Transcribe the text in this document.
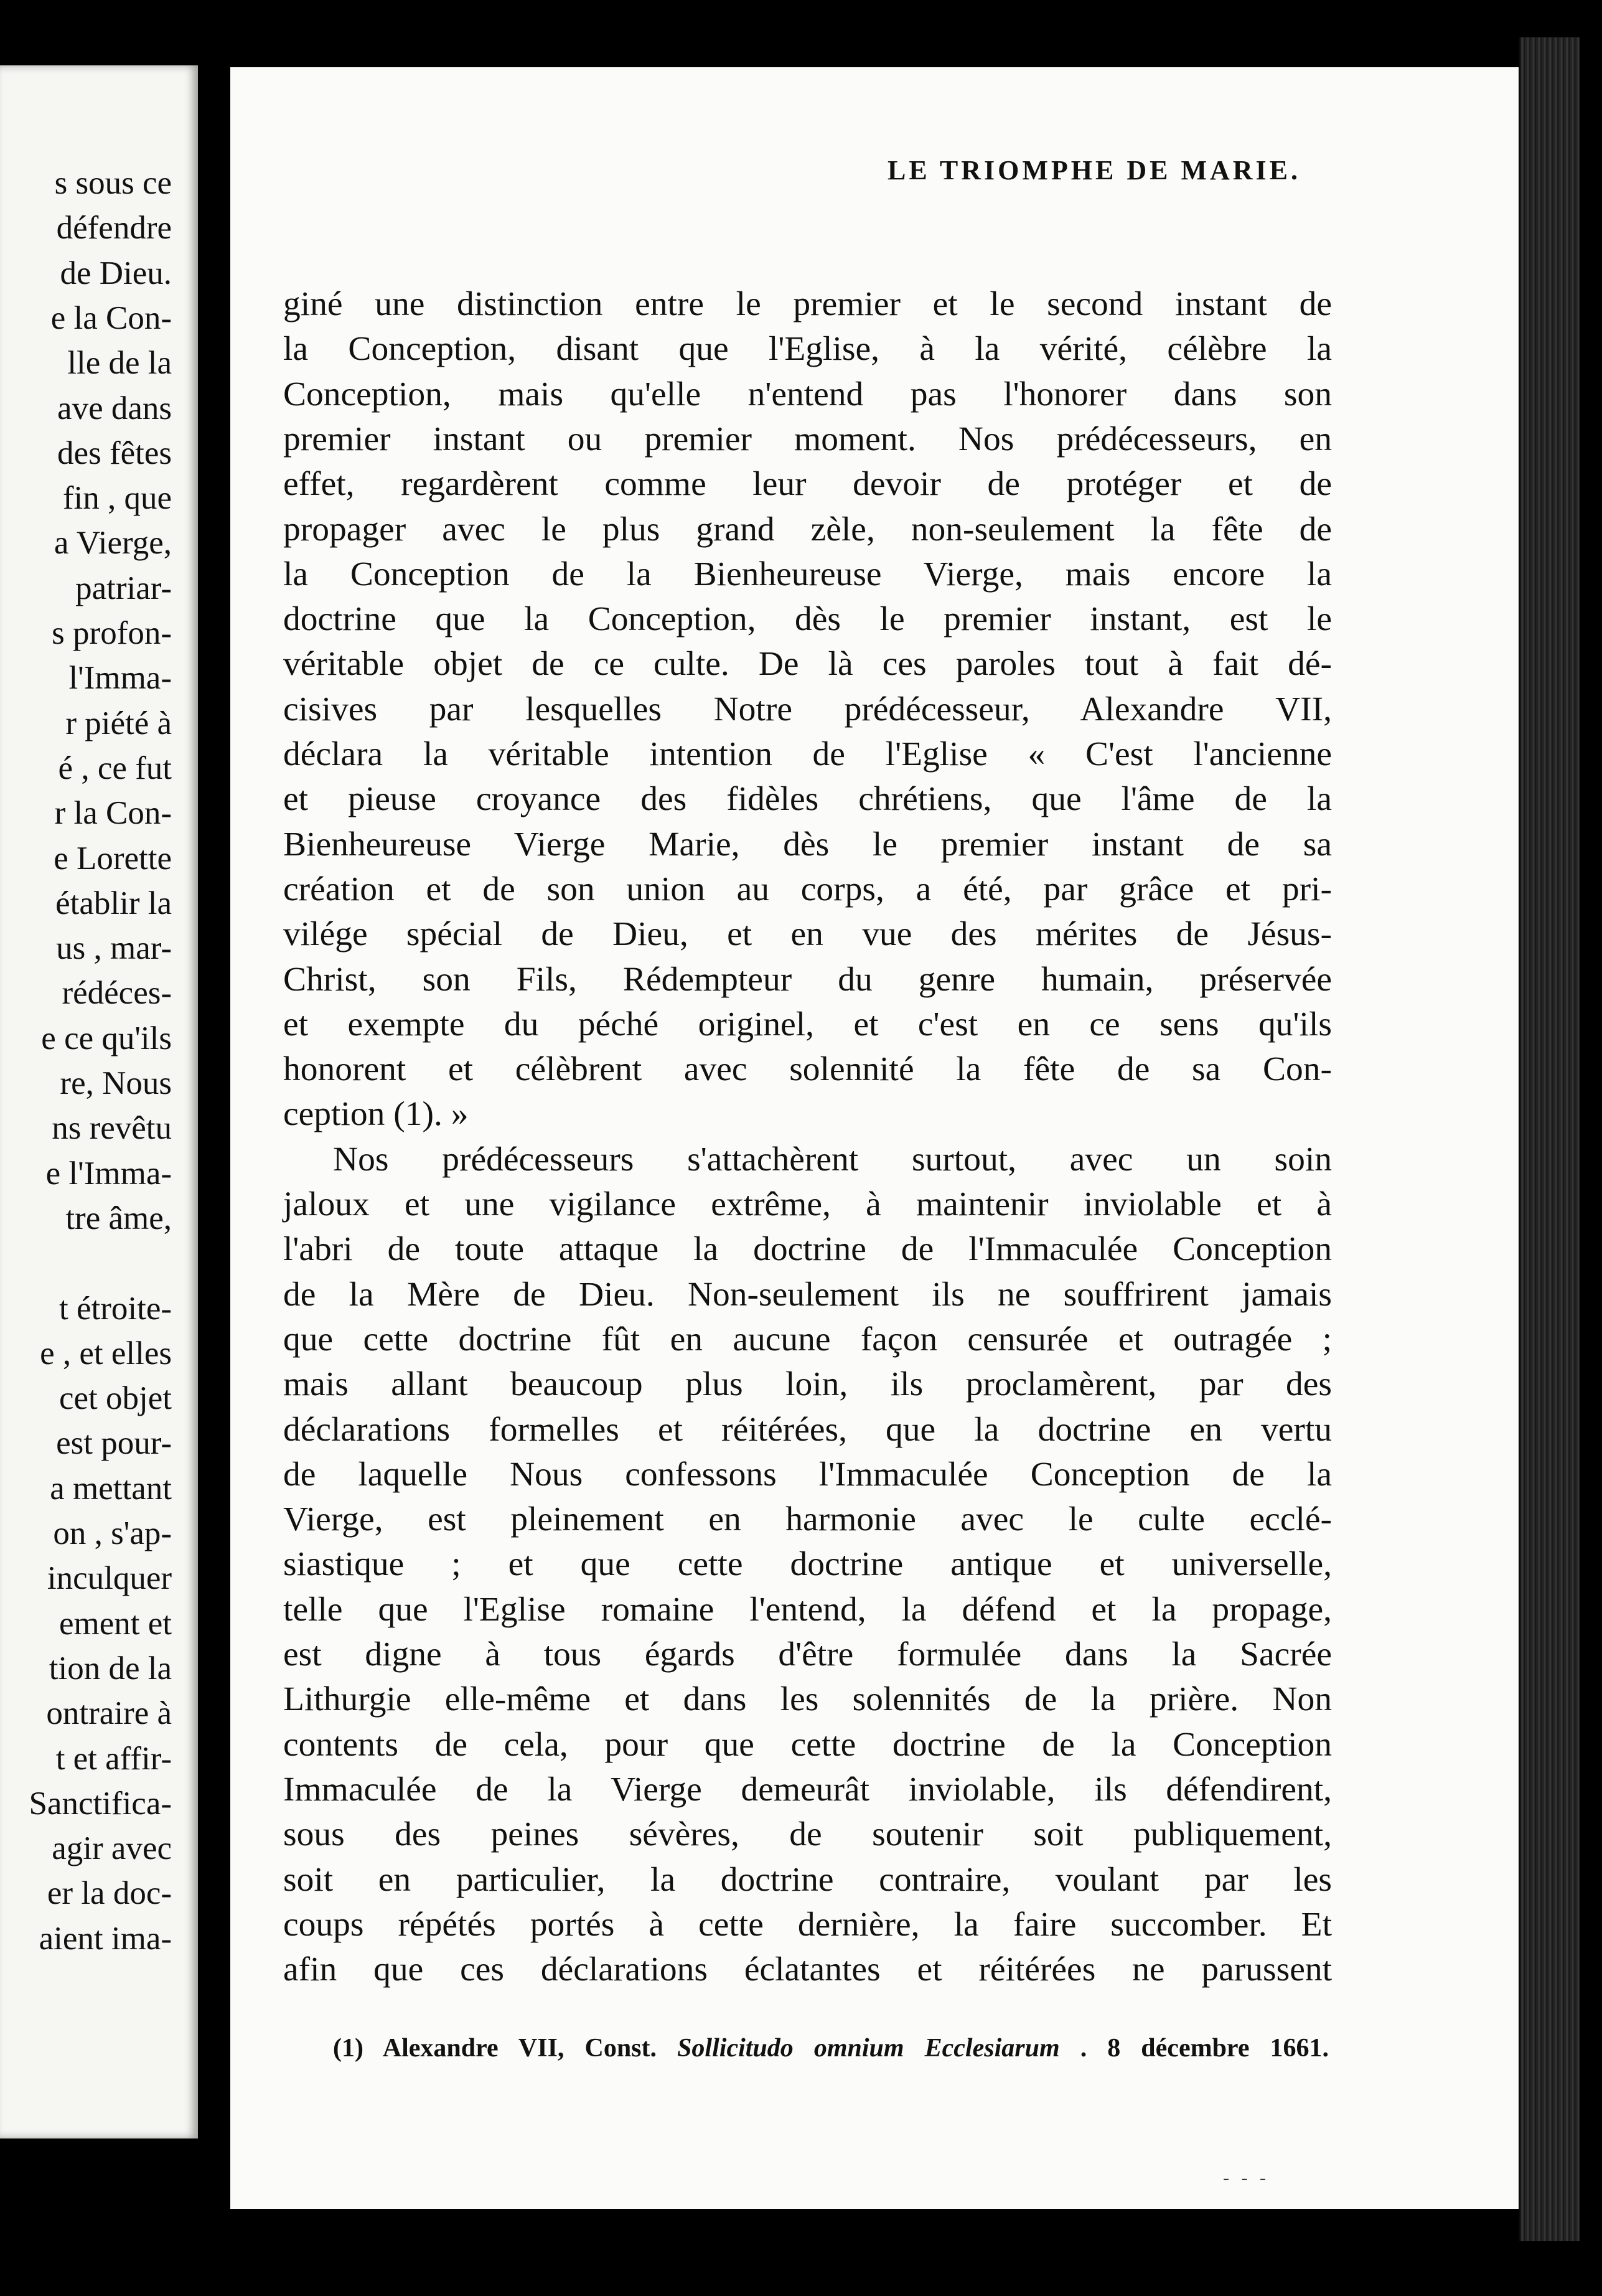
s sous ce
défendre
de Dieu.
e la Con-
lle de la
ave dans
des fêtes
fin , que
a Vierge,
patriar-
s profon-
l'Imma-
r piété à
é , ce fut
r la Con-
e Lorette
établir la
us , mar-
rédéces-
e ce qu'ils
re, Nous
ns revêtu
e l'Imma-
tre âme,
t étroite-
e , et elles
cet objet
est pour-
a mettant
on , s'ap-
inculquer
ement et
tion de la
ontraire à
t et affir-
Sanctifica-
agir avec
er la doc-
aient ima-
LE TRIOMPHE DE MARIE.
giné une distinction entre le premier et le second instant de
la Conception, disant que l'Eglise, à la vérité, célèbre la
Conception, mais qu'elle n'entend pas l'honorer dans son
premier instant ou premier moment. Nos prédécesseurs, en
effet, regardèrent comme leur devoir de protéger et de
propager avec le plus grand zèle, non-seulement la fête de
la Conception de la Bienheureuse Vierge, mais encore la
doctrine que la Conception, dès le premier instant, est le
véritable objet de ce culte. De là ces paroles tout à fait dé-
cisives par lesquelles Notre prédécesseur, Alexandre VII,
déclara la véritable intention de l'Eglise « C'est l'ancienne
et pieuse croyance des fidèles chrétiens, que l'âme de la
Bienheureuse Vierge Marie, dès le premier instant de sa
création et de son union au corps, a été, par grâce et pri-
vilége spécial de Dieu, et en vue des mérites de Jésus-
Christ, son Fils, Rédempteur du genre humain, préservée
et exempte du péché originel, et c'est en ce sens qu'ils
honorent et célèbrent avec solennité la fête de sa Con-
ception (1). »
Nos prédécesseurs s'attachèrent surtout, avec un soin
jaloux et une vigilance extrême, à maintenir inviolable et à
l'abri de toute attaque la doctrine de l'Immaculée Conception
de la Mère de Dieu. Non-seulement ils ne souffrirent jamais
que cette doctrine fût en aucune façon censurée et outragée ;
mais allant beaucoup plus loin, ils proclamèrent, par des
déclarations formelles et réitérées, que la doctrine en vertu
de laquelle Nous confessons l'Immaculée Conception de la
Vierge, est pleinement en harmonie avec le culte ecclé-
siastique ; et que cette doctrine antique et universelle,
telle que l'Eglise romaine l'entend, la défend et la propage,
est digne à tous égards d'être formulée dans la Sacrée
Lithurgie elle-même et dans les solennités de la prière. Non
contents de cela, pour que cette doctrine de la Conception
Immaculée de la Vierge demeurât inviolable, ils défendirent,
sous des peines sévères, de soutenir soit publiquement,
soit en particulier, la doctrine contraire, voulant par les
coups répétés portés à cette dernière, la faire succomber. Et
afin que ces déclarations éclatantes et réitérées ne parussent
(1) Alexandre VII, Const. Sollicitudo omnium Ecclesiarum . 8 décembre 1661.
- - -
